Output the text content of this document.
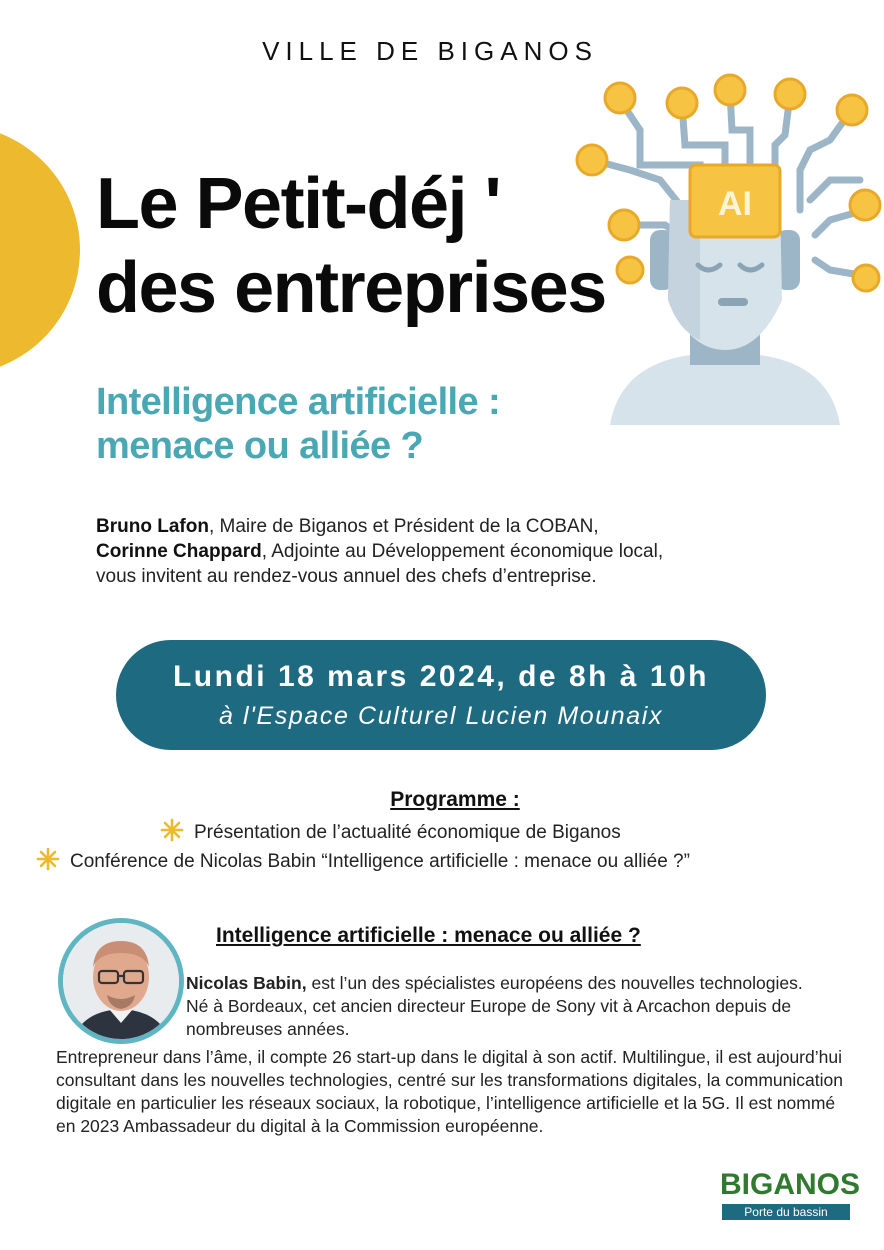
VILLE DE BIGANOS
Le Petit-déj '
des entreprises
AI
Intelligence artificielle :
menace ou alliée ?
Bruno Lafon, Maire de Biganos et Président de la COBAN,
Corinne Chappard, Adjointe au Développement économique local,
vous invitent au rendez-vous annuel des chefs d’entreprise.
Lundi 18 mars 2024, de 8h à 10h
à l'Espace Culturel Lucien Mounaix
Programme :
Présentation de l’actualité économique de Biganos
Conférence de Nicolas Babin “Intelligence artificielle : menace ou alliée ?”
Intelligence artificielle : menace ou alliée ?
Nicolas Babin, est l’un des spécialistes européens des nouvelles technologies. Né à Bordeaux, cet ancien directeur Europe de Sony vit à Arcachon depuis de nombreuses années.
Entrepreneur dans l’âme, il compte 26 start-up dans le digital à son actif. Multilingue, il est aujourd’hui consultant dans les nouvelles technologies, centré sur les transformations digitales, la communication digitale en particulier les réseaux sociaux, la robotique, l’intelligence artificielle et la 5G. Il est nommé en 2023 Ambassadeur du digital à la Commission européenne.
BIGANOS
Porte du bassin
